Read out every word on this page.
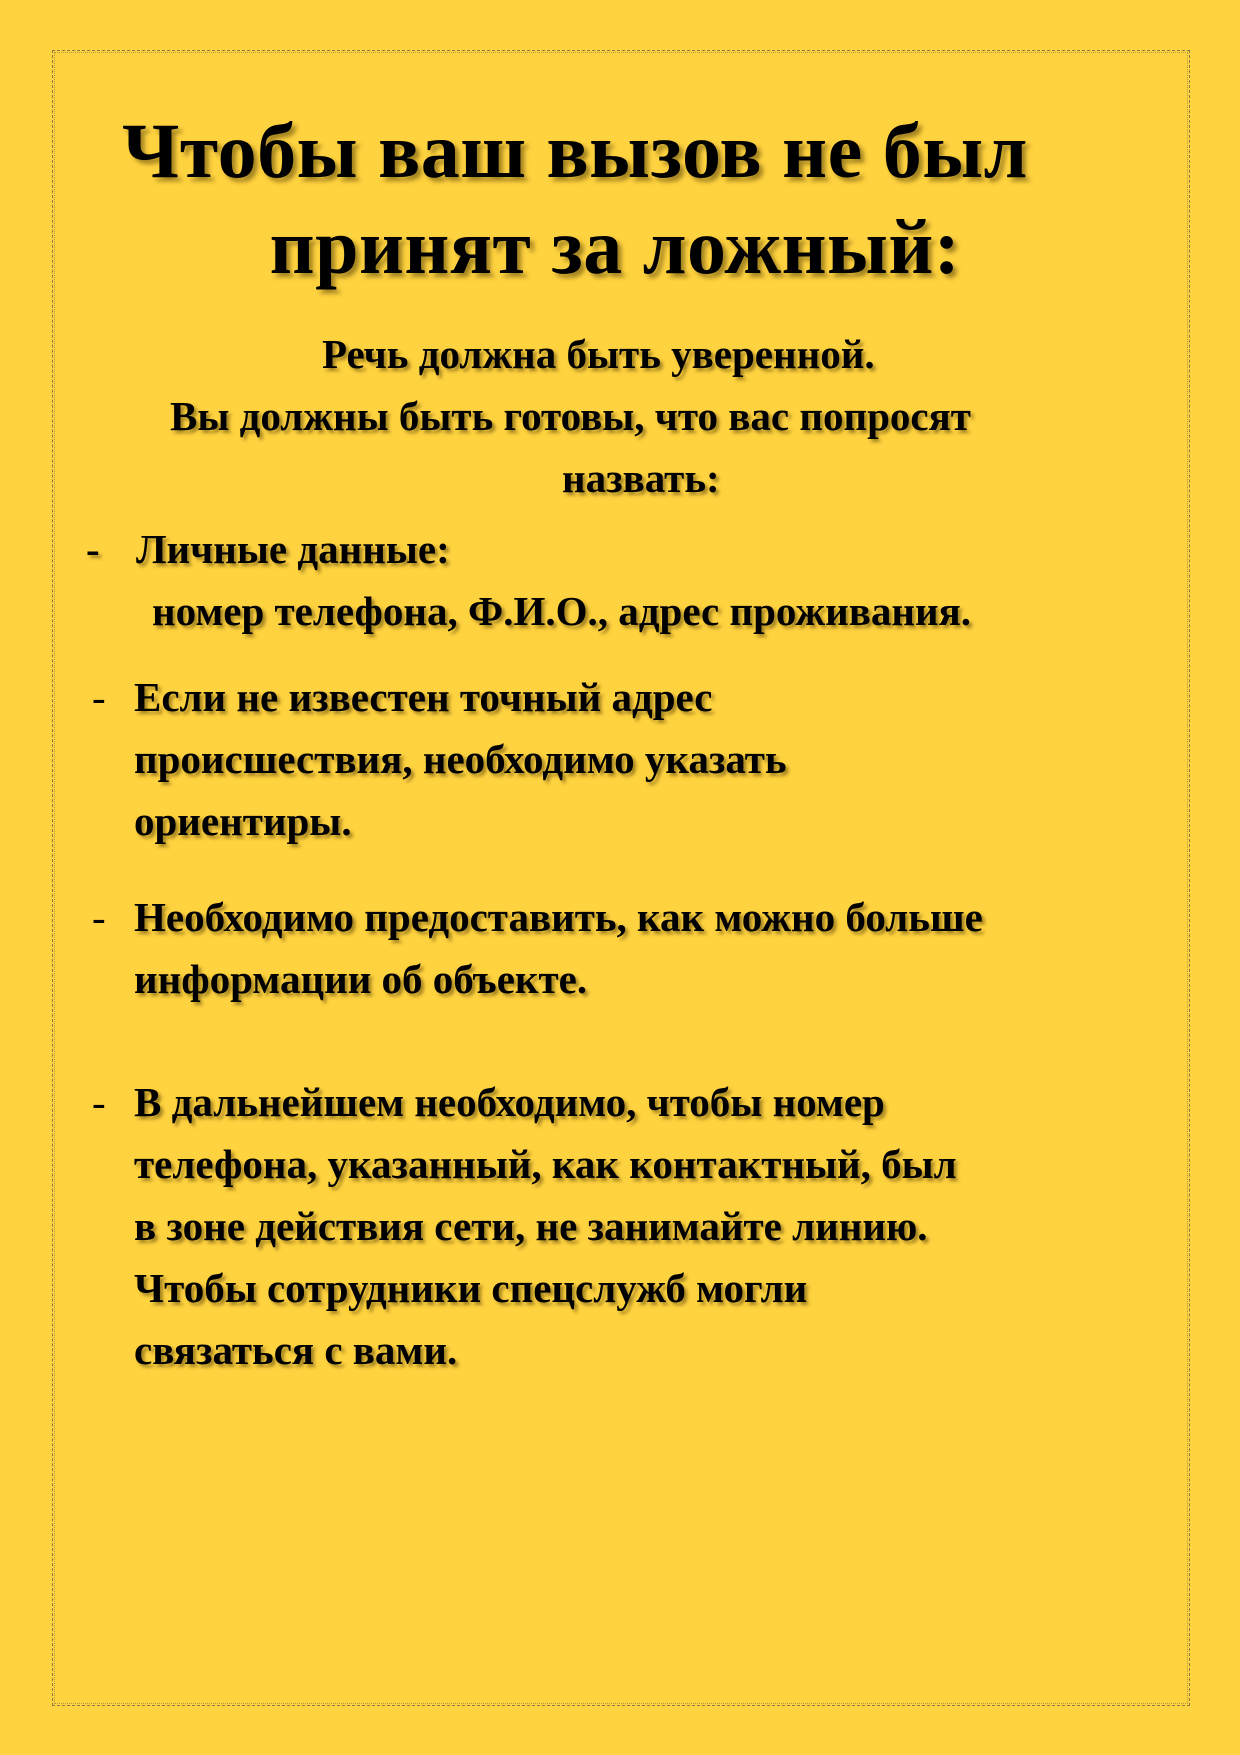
Чтобы ваш вызов не был
принят за ложный:
Речь должна быть уверенной.
Вы должны быть готовы, что вас попросят
назвать:
- Личные данные:
номер телефона, Ф.И.О., адрес проживания.
- Если не известен точный адрес
происшествия, необходимо указать
ориентиры.
- Необходимо предоставить, как можно больше
информации об объекте.
- В дальнейшем необходимо, чтобы номер
телефона, указанный, как контактный, был
в зоне действия сети, не занимайте линию.
Чтобы сотрудники спецслужб могли
связаться с вами.
